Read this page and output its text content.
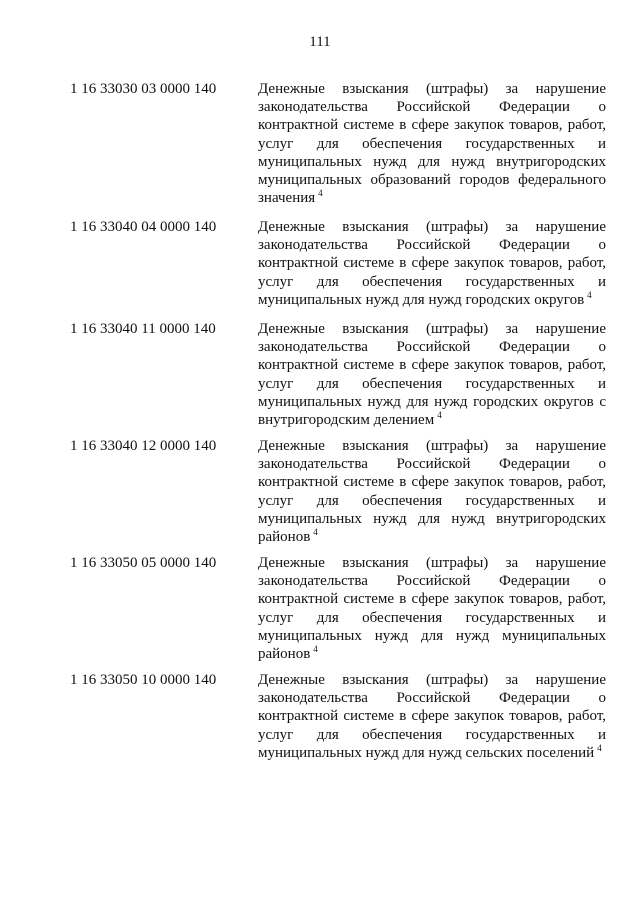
111
1 16 33030 03 0000 140	Денежные взыскания (штрафы) за нарушение
законодательства Российской Федерации о
контрактной системе в сфере закупок товаров, работ,
услуг для обеспечения государственных и
муниципальных нужд для нужд внутригородских
муниципальных образований городов федерального
значения $^4$
1 16 33040 04 0000 140	Денежные взыскания (штрафы) за нарушение
законодательства Российской Федерации о
контрактной системе в сфере закупок товаров, работ,
услуг для обеспечения государственных и
муниципальных нужд для нужд городских округов $^4$
1 16 33040 11 0000 140	Денежные взыскания (штрафы) за нарушение
законодательства Российской Федерации о
контрактной системе в сфере закупок товаров, работ,
услуг для обеспечения государственных и
муниципальных нужд для нужд городских округов с
внутригородским делением $^4$
1 16 33040 12 0000 140	Денежные взыскания (штрафы) за нарушение
законодательства Российской Федерации о
контрактной системе в сфере закупок товаров, работ,
услуг для обеспечения государственных и
муниципальных нужд для нужд внутригородских
районов $^4$
1 16 33050 05 0000 140	Денежные взыскания (штрафы) за нарушение
законодательства Российской Федерации о
контрактной системе в сфере закупок товаров, работ,
услуг для обеспечения государственных и
муниципальных нужд для нужд муниципальных
районов $^4$
1 16 33050 10 0000 140	Денежные взыскания (штрафы) за нарушение
законодательства Российской Федерации о
контрактной системе в сфере закупок товаров, работ,
услуг для обеспечения государственных и
муниципальных нужд для нужд сельских поселений $^4$
